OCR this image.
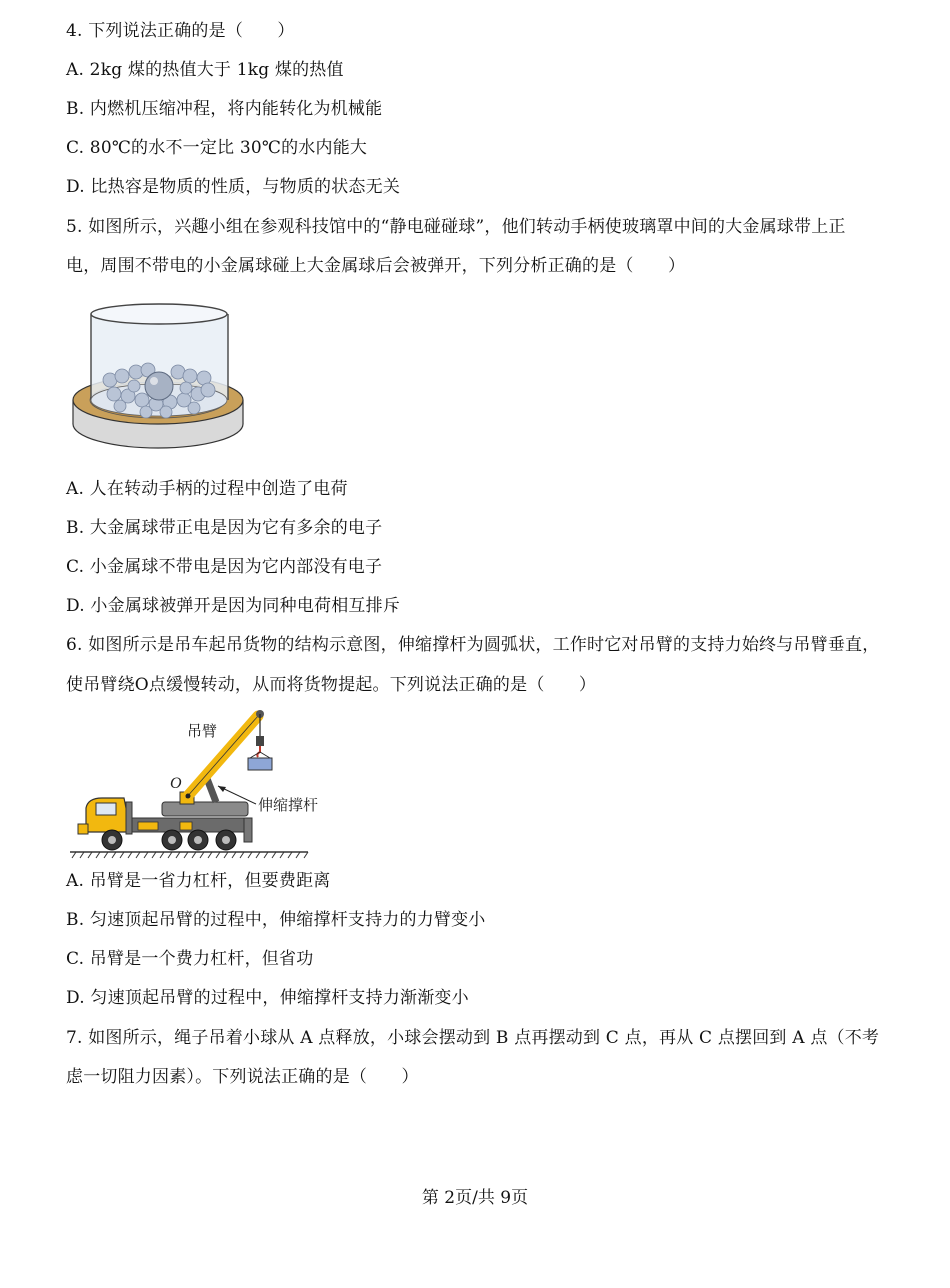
4. 下列说法正确的是（　　）
A. 2kg 煤的热值大于 1kg 煤的热值
B. 内燃机压缩冲程，将内能转化为机械能
C. 80℃的水不一定比 30℃的水内能大
D. 比热容是物质的性质，与物质的状态无关
5. 如图所示，兴趣小组在参观科技馆中的“静电碰碰球”，他们转动手柄使玻璃罩中间的大金属球带上正
电，周围不带电的小金属球碰上大金属球后会被弹开，下列分析正确的是（　　）
A. 人在转动手柄的过程中创造了电荷
B. 大金属球带正电是因为它有多余的电子
C. 小金属球不带电是因为它内部没有电子
D. 小金属球被弹开是因为同种电荷相互排斥
6. 如图所示是吊车起吊货物的结构示意图，伸缩撑杆为圆弧状，工作时它对吊臂的支持力始终与吊臂垂直，
使吊臂绕O点缓慢转动，从而将货物提起。下列说法正确的是（　　）
吊臂
O
伸缩撑杆
A. 吊臂是一省力杠杆，但要费距离
B. 匀速顶起吊臂的过程中，伸缩撑杆支持力的力臂变小
C. 吊臂是一个费力杠杆，但省功
D. 匀速顶起吊臂的过程中，伸缩撑杆支持力渐渐变小
7. 如图所示，绳子吊着小球从 A 点释放，小球会摆动到 B 点再摆动到 C 点，再从 C 点摆回到 A 点（不考
虑一切阻力因素）。下列说法正确的是（　　）
第 2页/共 9页
